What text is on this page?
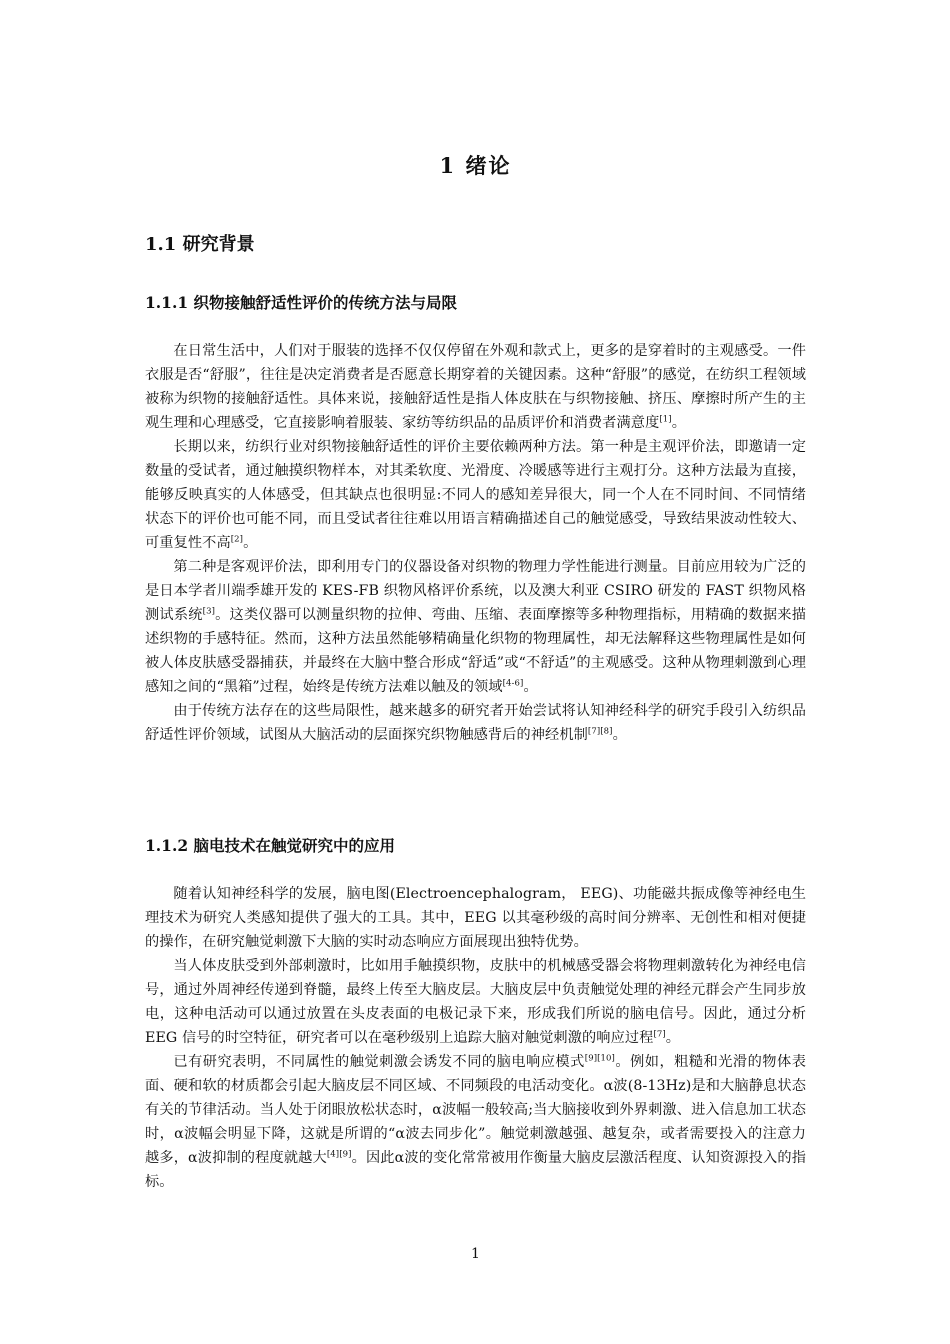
1 绪论
1.1 研究背景
1.1.1 织物接触舒适性评价的传统方法与局限

在日常生活中，人们对于服装的选择不仅仅停留在外观和款式上，更多的是穿着时的主观感受。一件衣服是否“舒服”，往往是决定消费者是否愿意长期穿着的关键因素。这种“舒服”的感觉，在纺织工程领域被称为织物的接触舒适性。具体来说，接触舒适性是指人体皮肤在与织物接触、挤压、摩擦时所产生的主观生理和心理感受，它直接影响着服装、家纺等纺织品的品质评价和消费者满意度[1]。

长期以来，纺织行业对织物接触舒适性的评价主要依赖两种方法。第一种是主观评价法，即邀请一定数量的受试者，通过触摸织物样本，对其柔软度、光滑度、冷暖感等进行主观打分。这种方法最为直接，能够反映真实的人体感受，但其缺点也很明显:不同人的感知差异很大，同一个人在不同时间、不同情绪状态下的评价也可能不同，而且受试者往往难以用语言精确描述自己的触觉感受，导致结果波动性较大、可重复性不高[2]。

第二种是客观评价法，即利用专门的仪器设备对织物的物理力学性能进行测量。目前应用较为广泛的是日本学者川端季雄开发的 KES-FB 织物风格评价系统，以及澳大利亚 CSIRO 研发的 FAST 织物风格测试系统[3]。这类仪器可以测量织物的拉伸、弯曲、压缩、表面摩擦等多种物理指标，用精确的数据来描述织物的手感特征。然而，这种方法虽然能够精确量化织物的物理属性，却无法解释这些物理属性是如何被人体皮肤感受器捕获，并最终在大脑中整合形成“舒适”或“不舒适”的主观感受。这种从物理刺激到心理感知之间的“黑箱”过程，始终是传统方法难以触及的领域[4-6]。

由于传统方法存在的这些局限性，越来越多的研究者开始尝试将认知神经科学的研究手段引入纺织品舒适性评价领域，试图从大脑活动的层面探究织物触感背后的神经机制[7][8]。

1.1.2 脑电技术在触觉研究中的应用

随着认知神经科学的发展，脑电图(Electroencephalogram， EEG)、功能磁共振成像等神经电生理技术为研究人类感知提供了强大的工具。其中，EEG 以其毫秒级的高时间分辨率、无创性和相对便捷的操作，在研究触觉刺激下大脑的实时动态响应方面展现出独特优势。

当人体皮肤受到外部刺激时，比如用手触摸织物，皮肤中的机械感受器会将物理刺激转化为神经电信号，通过外周神经传递到脊髓，最终上传至大脑皮层。大脑皮层中负责触觉处理的神经元群会产生同步放电，这种电活动可以通过放置在头皮表面的电极记录下来，形成我们所说的脑电信号。因此，通过分析 EEG 信号的时空特征，研究者可以在毫秒级别上追踪大脑对触觉刺激的响应过程[7]。

已有研究表明，不同属性的触觉刺激会诱发不同的脑电响应模式[9][10]。例如，粗糙和光滑的物体表面、硬和软的材质都会引起大脑皮层不同区域、不同频段的电活动变化。α波(8-13Hz)是和大脑静息状态有关的节律活动。当人处于闭眼放松状态时，α波幅一般较高;当大脑接收到外界刺激、进入信息加工状态时，α波幅会明显下降，这就是所谓的“α波去同步化”。触觉刺激越强、越复杂，或者需要投入的注意力越多，α波抑制的程度就越大[4][9]。因此α波的变化常常被用作衡量大脑皮层激活程度、认知资源投入的指标。

1
